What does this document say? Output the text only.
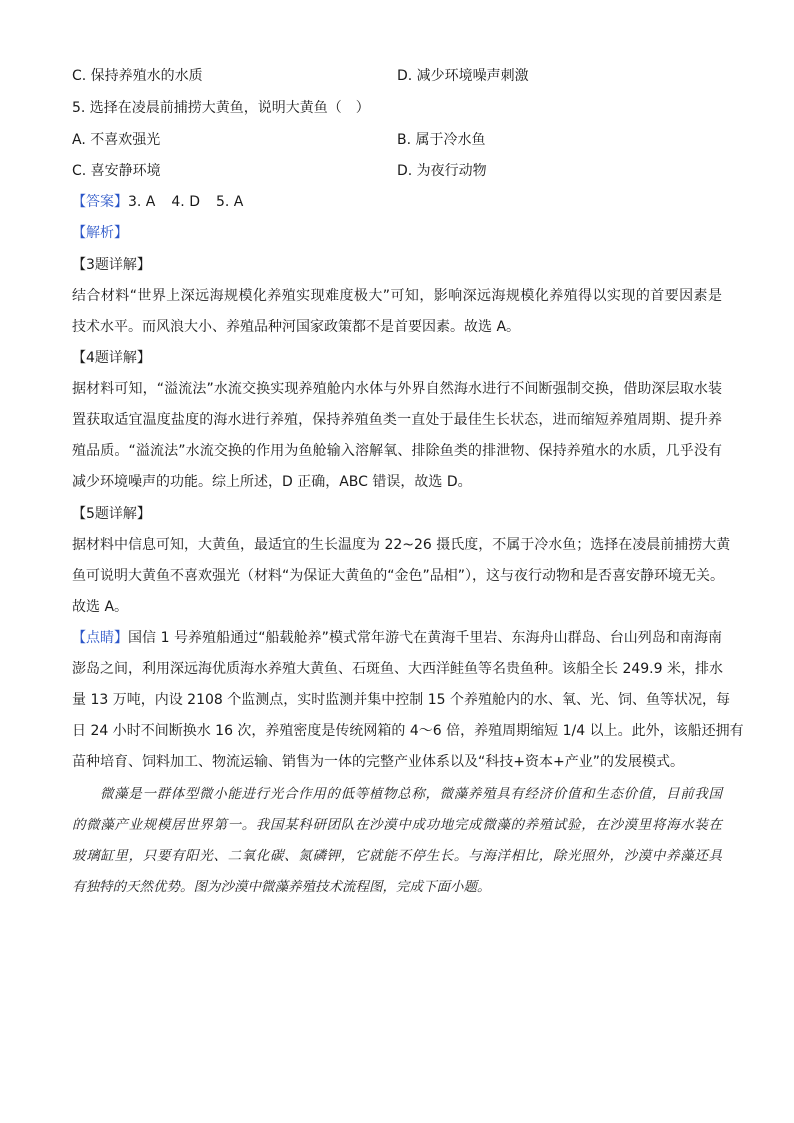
C. 保持养殖水的水质	D. 减少环境噪声刺激
5. 选择在凌晨前捕捞大黄鱼，说明大黄鱼（　）
A. 不喜欢强光	B. 属于冷水鱼
C. 喜安静环境	D. 为夜行动物
【答案】3. A 4. D 5. A
【解析】
【3题详解】
结合材料“世界上深远海规模化养殖实现难度极大”可知，影响深远海规模化养殖得以实现的首要因素是
技术水平。而风浪大小、养殖品种河国家政策都不是首要因素。故选 A。
【4题详解】
据材料可知，“溢流法”水流交换实现养殖舱内水体与外界自然海水进行不间断强制交换，借助深层取水装
置获取适宜温度盐度的海水进行养殖，保持养殖鱼类一直处于最佳生长状态，进而缩短养殖周期、提升养
殖品质。“溢流法”水流交换的作用为鱼舱输入溶解氧、排除鱼类的排泄物、保持养殖水的水质，几乎没有
减少环境噪声的功能。综上所述，D 正确，ABC 错误，故选 D。
【5题详解】
据材料中信息可知，大黄鱼，最适宜的生长温度为 22~26 摄氏度，不属于冷水鱼；选择在凌晨前捕捞大黄
鱼可说明大黄鱼不喜欢强光（材料“为保证大黄鱼的“金色”品相”），这与夜行动物和是否喜安静环境无关。
故选 A。
【点睛】 国信 1 号养殖船通过“船载舱养”模式常年游弋在黄海千里岩、东海舟山群岛、台山列岛和南海南
澎岛之间，利用深远海优质海水养殖大黄鱼、石斑鱼、大西洋鲑鱼等名贵鱼种。该船全长 249.9 米，排水
量 13 万吨，内设 2108 个监测点，实时监测并集中控制 15 个养殖舱内的水、氧、光、饲、鱼等状况，每
日 24 小时不间断换水 16 次，养殖密度是传统网箱的 4～6 倍，养殖周期缩短 1/4 以上。此外，该船还拥有
苗种培育、饲料加工、物流运输、销售为一体的完整产业体系以及“科技+资本+产业”的发展模式。
微藻是一群体型微小能进行光合作用的低等植物总称，微藻养殖具有经济价值和生态价值，目前我国
的微藻产业规模居世界第一。我国某科研团队在沙漠中成功地完成微藻的养殖试验，在沙漠里将海水装在
玻璃缸里，只要有阳光、二氧化碳、氮磷钾，它就能不停生长。与海洋相比，除光照外，沙漠中养藻还具
有独特的天然优势。图为沙漠中微藻养殖技术流程图，完成下面小题。
